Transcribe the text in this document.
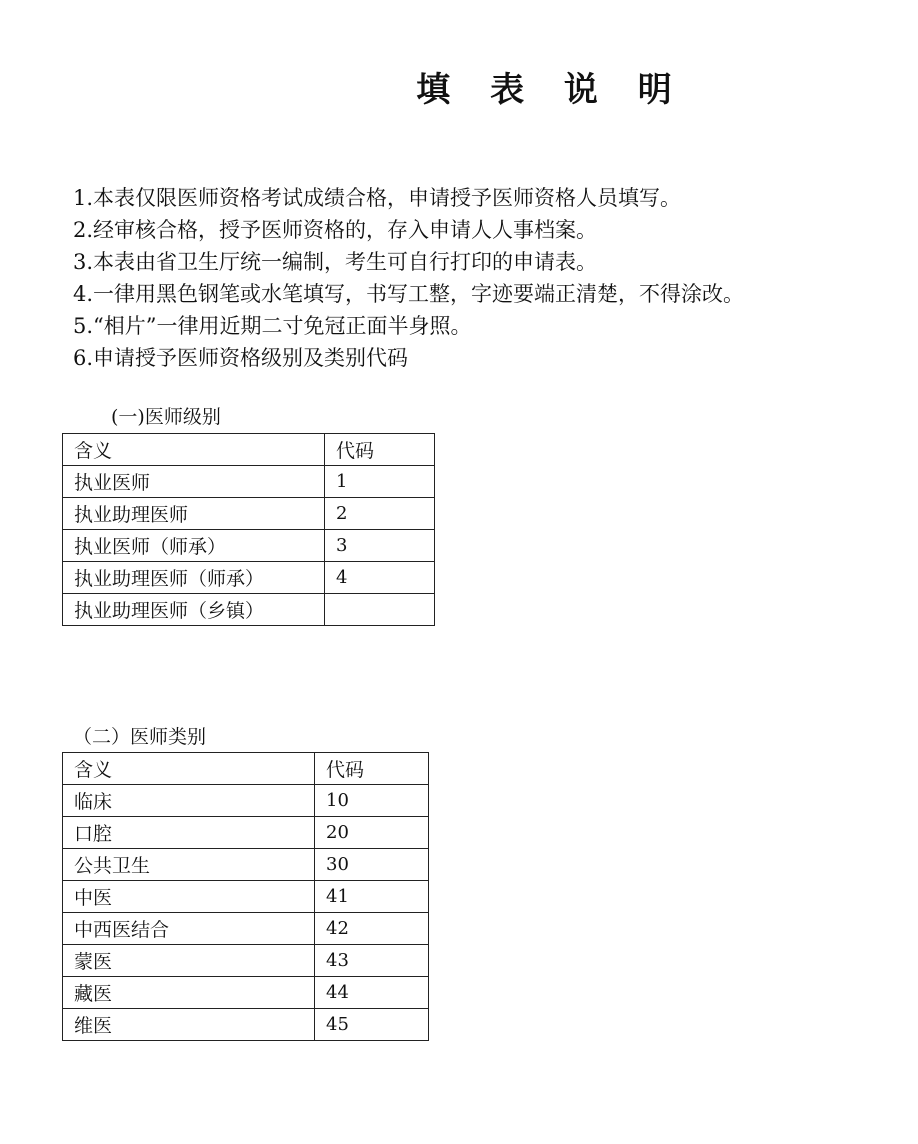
填 表 说 明
1.本表仅限医师资格考试成绩合格，申请授予医师资格人员填写。
2.经审核合格，授予医师资格的，存入申请人人事档案。
3.本表由省卫生厅统一编制，考生可自行打印的申请表。
4.一律用黑色钢笔或水笔填写，书写工整，字迹要端正清楚，不得涂改。
5.“相片”一律用近期二寸免冠正面半身照。
6.申请授予医师资格级别及类别代码
(一)医师级别
含义	代码
执业医师	1
执业助理医师	2
执业医师（师承）	3
执业助理医师（师承）	4
执业助理医师（乡镇）	
（二）医师类别
含义	代码
临床	10
口腔	20
公共卫生	30
中医	41
中西医结合	42
蒙医	43
藏医	44
维医	45
